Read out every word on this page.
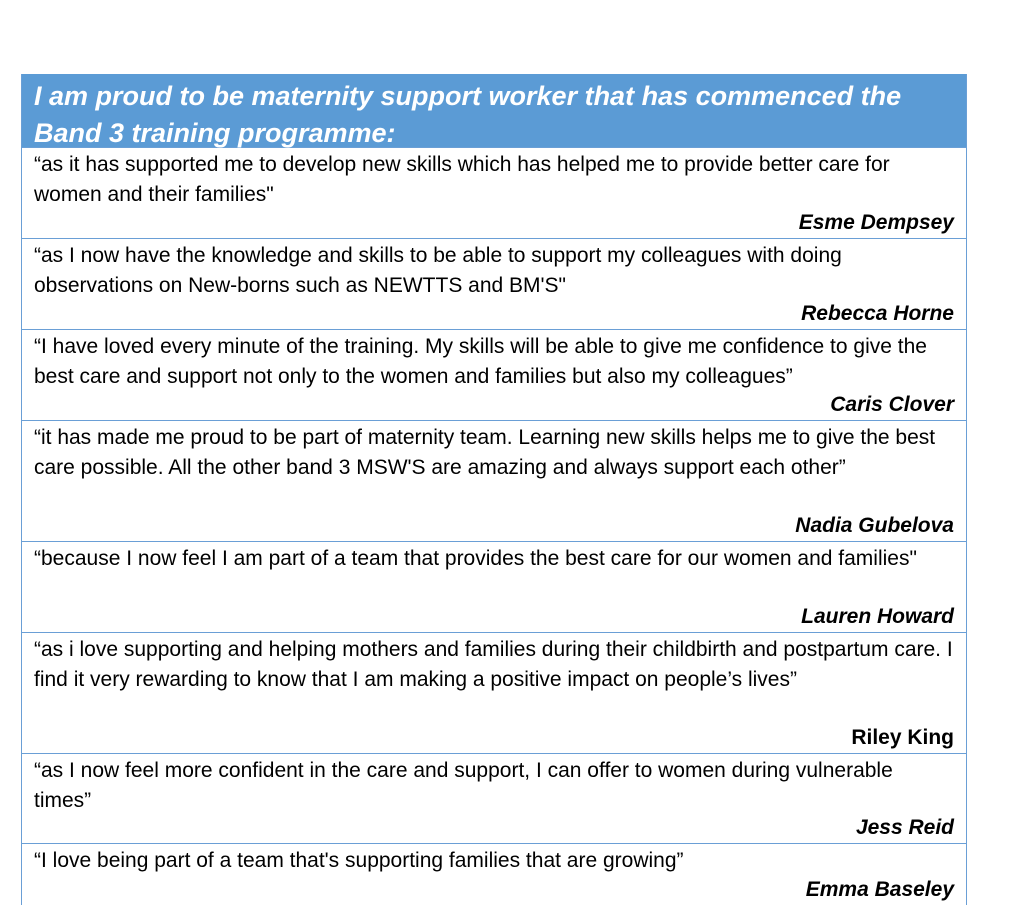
I am proud to be maternity support worker that has commenced the Band 3 training programme:

“as it has supported me to develop new skills which has helped me to provide better care for women and their families"

Esme Dempsey

“as I now have the knowledge and skills to be able to support my colleagues with doing observations on New-borns such as NEWTTS and BM'S"

Rebecca Horne

“I have loved every minute of the training. My skills will be able to give me confidence to give the best care and support not only to the women and families but also my colleagues”

Caris Clover

“it has made me proud to be part of maternity team. Learning new skills helps me to give the best care possible. All the other band 3 MSW'S are amazing and always support each other”

Nadia Gubelova

“because I now feel I am part of a team that provides the best care for our women and families"

Lauren Howard

“as i love supporting and helping mothers and families during their childbirth and postpartum care. I find it very rewarding to know that I am making a positive impact on people’s lives”

Riley King

“as I now feel more confident in the care and support, I can offer to women during vulnerable times”

Jess Reid

“I love being part of a team that's supporting families that are growing”

Emma Baseley
